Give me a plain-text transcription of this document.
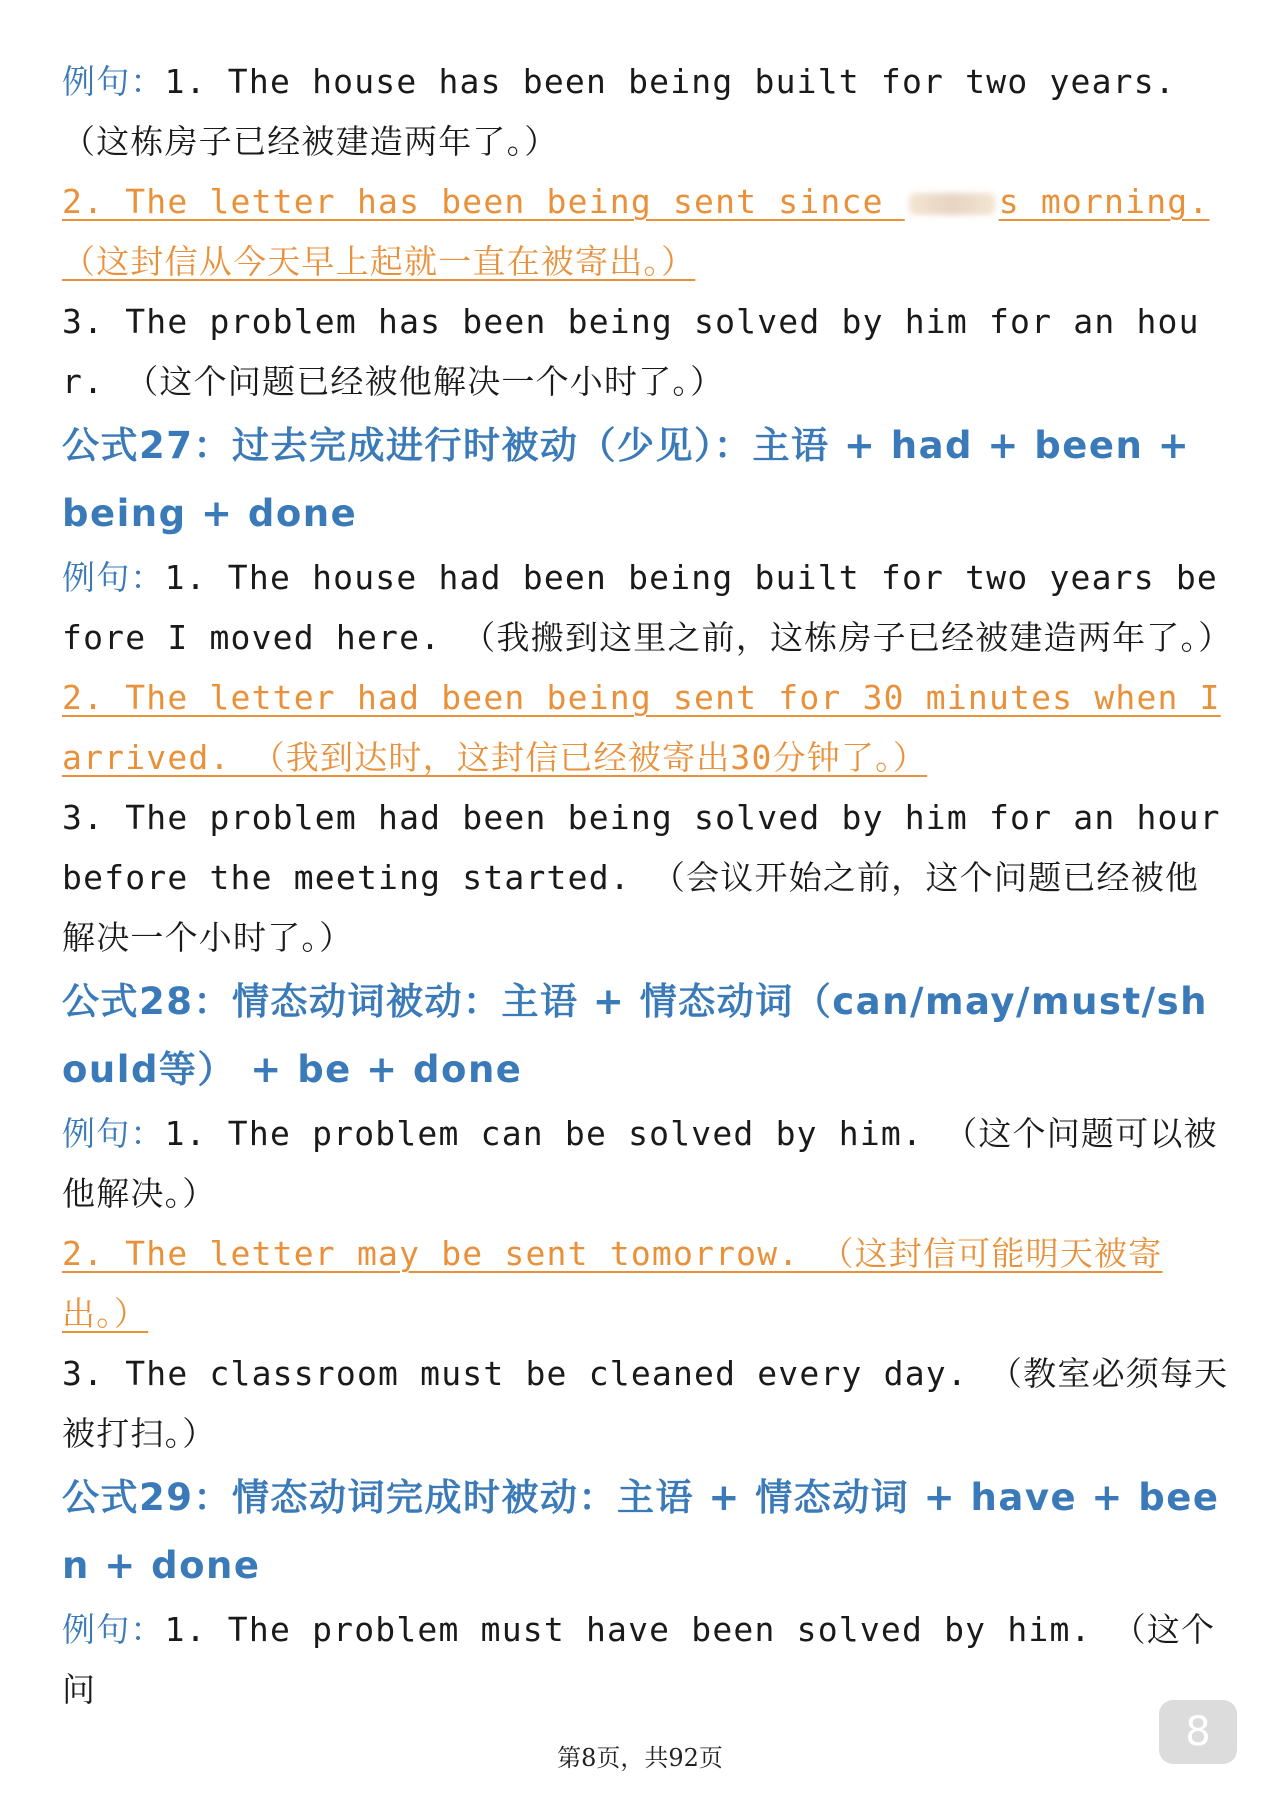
例句：1. The house has been being built for two years. （这栋房子已经被建造两年了。）

2. The letter has been being sent since	s morning. （这封信从今天早上起就一直在被寄出。）

3. The problem has been being solved by him for an hour. （这个问题已经被他解决一个小时了。）

公式27：过去完成进行时被动（少见）：主语 + had + been + being + done

例句：1. The house had been being built for two years before I moved here. （我搬到这里之前，这栋房子已经被建造两年了。）

2. The letter had been being sent for 30 minutes when I arrived. （我到达时，这封信已经被寄出30分钟了。）

3. The problem had been being solved by him for an hour before the meeting started. （会议开始之前，这个问题已经被他解决一个小时了。）

公式28：情态动词被动：主语 + 情态动词（can/may/must/should等） + be + done

例句：1. The problem can be solved by him. （这个问题可以被他解决。）

2. The letter may be sent tomorrow. （这封信可能明天被寄出。）

3. The classroom must be cleaned every day. （教室必须每天被打扫。）

公式29：情态动词完成时被动：主语 + 情态动词 + have + been + done

例句：1. The problem must have been solved by him. （这个问

8
第8页，共92页
